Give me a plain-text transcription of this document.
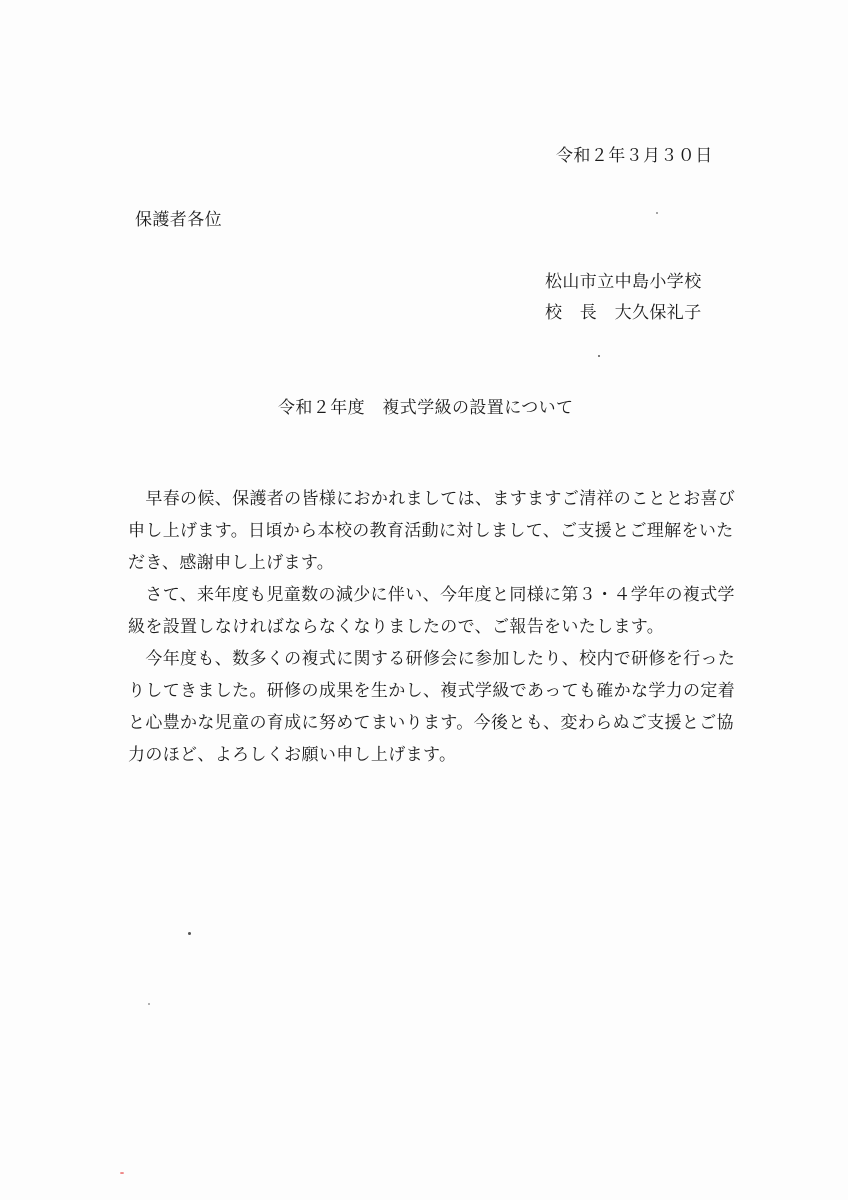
令和２年３月３０日
保護者各位
松山市立中島小学校
校　長　大久保礼子
令和２年度　複式学級の設置について
　早春の候、保護者の皆様におかれましては、ますますご清祥のこととお喜び
申し上げます。日頃から本校の教育活動に対しまして、ご支援とご理解をいた
だき、感謝申し上げます。
　さて、来年度も児童数の減少に伴い、今年度と同様に第３・４学年の複式学
級を設置しなければならなくなりましたので、ご報告をいたします。
　今年度も、数多くの複式に関する研修会に参加したり、校内で研修を行った
りしてきました。研修の成果を生かし、複式学級であっても確かな学力の定着
と心豊かな児童の育成に努めてまいります。今後とも、変わらぬご支援とご協
力のほど、よろしくお願い申し上げます。
